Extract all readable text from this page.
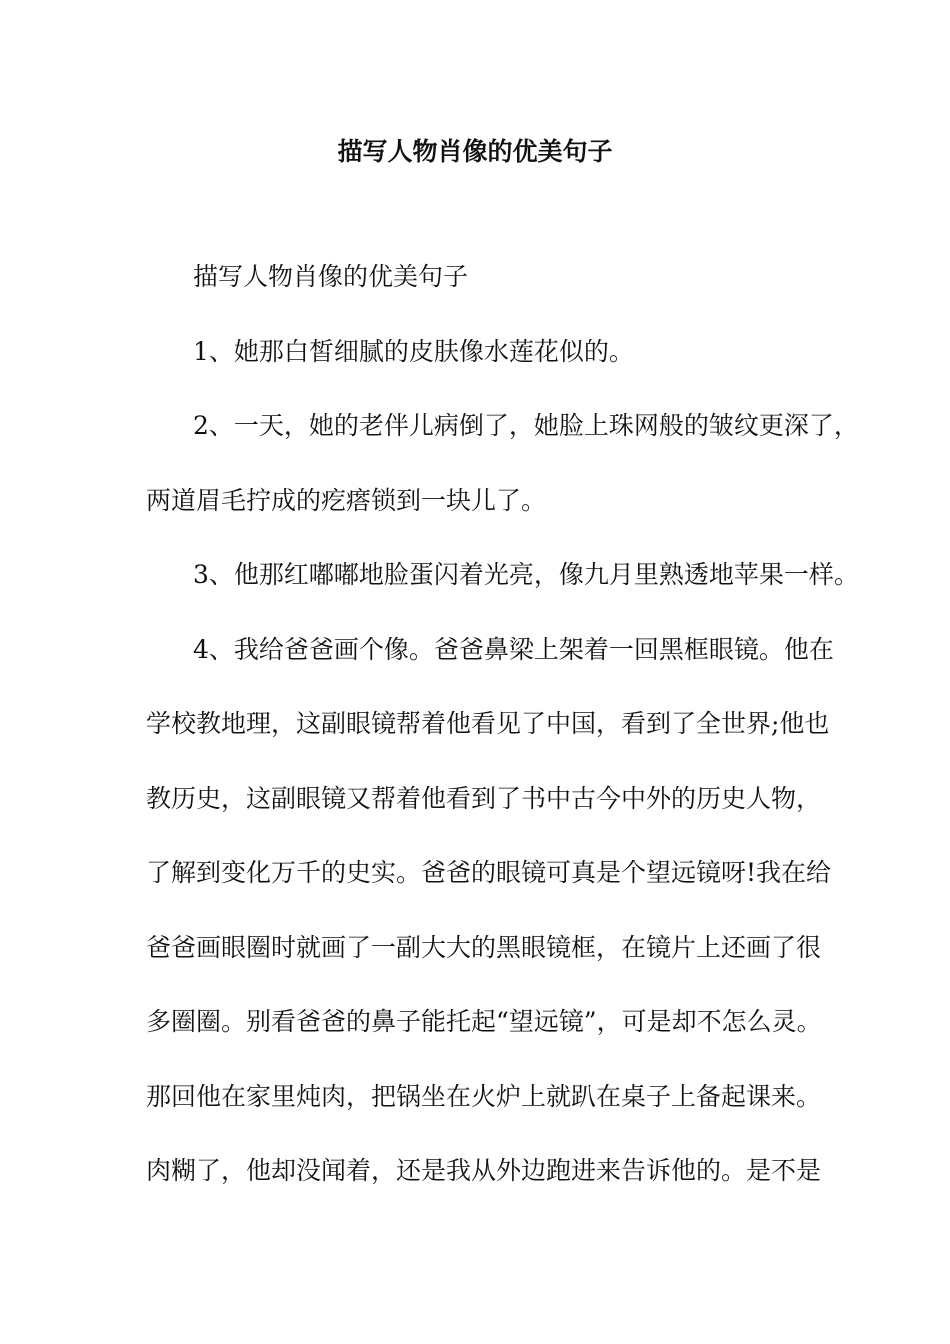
描写人物肖像的优美句子
描写人物肖像的优美句子
1、她那白皙细腻的皮肤像水莲花似的。
2、一天，她的老伴儿病倒了，她脸上珠网般的皱纹更深了，
两道眉毛拧成的疙瘩锁到一块儿了。
3、他那红嘟嘟地脸蛋闪着光亮，像九月里熟透地苹果一样。
4、我给爸爸画个像。爸爸鼻梁上架着一回黑框眼镜。他在
学校教地理，这副眼镜帮着他看见了中国，看到了全世界;他也
教历史，这副眼镜又帮着他看到了书中古今中外的历史人物，
了解到变化万千的史实。爸爸的眼镜可真是个望远镜呀!我在给
爸爸画眼圈时就画了一副大大的黑眼镜框，在镜片上还画了很
多圈圈。别看爸爸的鼻子能托起“望远镜”，可是却不怎么灵。
那回他在家里炖肉，把锅坐在火炉上就趴在桌子上备起课来。
肉糊了，他却没闻着，还是我从外边跑进来告诉他的。是不是
